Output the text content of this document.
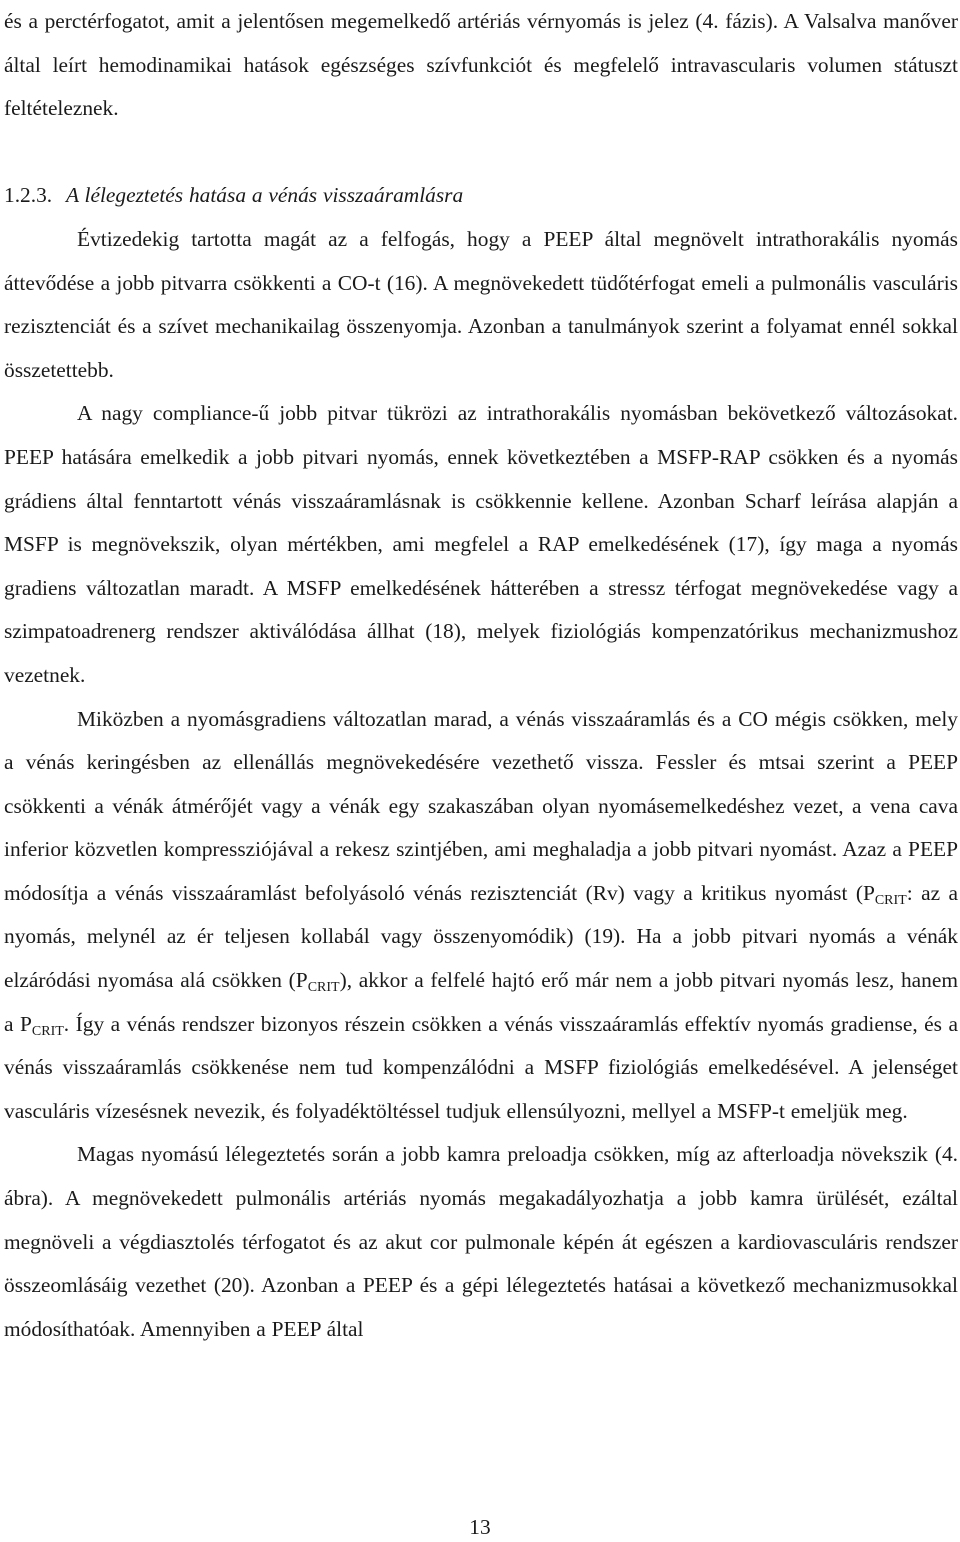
és a perctérfogatot, amit a jelentősen megemelkedő artériás vérnyomás is jelez (4. fázis). A Valsalva manőver által leírt hemodinamikai hatások egészséges szívfunkciót és megfelelő intravascularis volumen státuszt feltételeznek.

1.2.3. A lélegeztetés hatása a vénás visszaáramlásra

Évtizedekig tartotta magát az a felfogás, hogy a PEEP által megnövelt intrathorakális nyomás áttevődése a jobb pitvarra csökkenti a CO-t (16). A megnövekedett tüdőtérfogat emeli a pulmonális vasculáris rezisztenciát és a szívet mechanikailag összenyomja. Azonban a tanulmányok szerint a folyamat ennél sokkal összetettebb.

A nagy compliance-ű jobb pitvar tükrözi az intrathorakális nyomásban bekövetkező változásokat. PEEP hatására emelkedik a jobb pitvari nyomás, ennek következtében a MSFP-RAP csökken és a nyomás grádiens által fenntartott vénás visszaáramlásnak is csökkennie kellene. Azonban Scharf leírása alapján a MSFP is megnövekszik, olyan mértékben, ami megfelel a RAP emelkedésének (17), így maga a nyomás gradiens változatlan maradt. A MSFP emelkedésének hátterében a stressz térfogat megnövekedése vagy a szimpatoadrenerg rendszer aktiválódása állhat (18), melyek fiziológiás kompenzatórikus mechanizmushoz vezetnek.

Miközben a nyomásgradiens változatlan marad, a vénás visszaáramlás és a CO mégis csökken, mely a vénás keringésben az ellenállás megnövekedésére vezethető vissza. Fessler és mtsai szerint a PEEP csökkenti a vénák átmérőjét vagy a vénák egy szakaszában olyan nyomásemelkedéshez vezet, a vena cava inferior közvetlen kompressziójával a rekesz szintjében, ami meghaladja a jobb pitvari nyomást. Azaz a PEEP módosítja a vénás visszaáramlást befolyásoló vénás rezisztenciát (Rv) vagy a kritikus nyomást ($P_{CRIT}$: az a nyomás, melynél az ér teljesen kollabál vagy összenyomódik) (19). Ha a jobb pitvari nyomás a vénák elzáródási nyomása alá csökken $(P_{CRIT})$, akkor a felfelé hajtó erő már nem a jobb pitvari nyomás lesz, hanem a $P_{CRIT}$. Így a vénás rendszer bizonyos részein csökken a vénás visszaáramlás effektív nyomás gradiense, és a vénás visszaáramlás csökkenése nem tud kompenzálódni a MSFP fiziológiás emelkedésével. A jelenséget vasculáris vízesésnek nevezik, és folyadéktöltéssel tudjuk ellensúlyozni, mellyel a MSFP-t emeljük meg.

Magas nyomású lélegeztetés során a jobb kamra preloadja csökken, míg az afterloadja növekszik (4. ábra). A megnövekedett pulmonális artériás nyomás megakadályozhatja a jobb kamra ürülését, ezáltal megnöveli a végdiasztolés térfogatot és az akut cor pulmonale képén át egészen a kardiovasculáris rendszer összeomlásáig vezethet (20). Azonban a PEEP és a gépi lélegeztetés hatásai a következő mechanizmusokkal módosíthatóak. Amennyiben a PEEP által

13
